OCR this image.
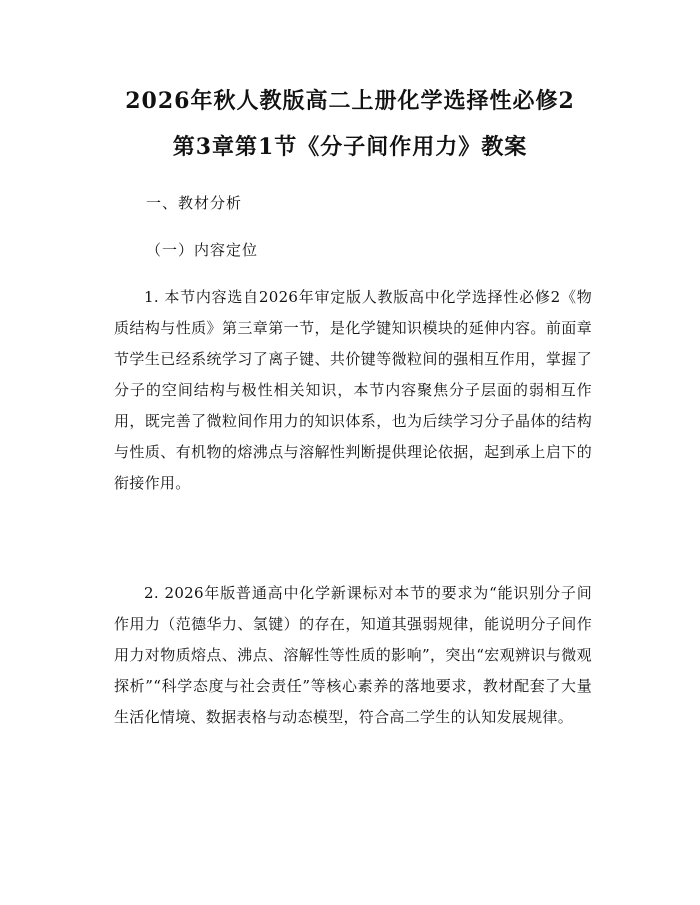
2026年秋人教版高二上册化学选择性必修2
第3章第1节《分子间作用力》教案
一、教材分析
（一）内容定位

1. 本节内容选自2026年审定版人教版高中化学选择性必修2《物质结构与性质》第三章第一节，是化学键知识模块的延伸内容。前面章节学生已经系统学习了离子键、共价键等微粒间的强相互作用，掌握了分子的空间结构与极性相关知识，本节内容聚焦分子层面的弱相互作用，既完善了微粒间作用力的知识体系，也为后续学习分子晶体的结构与性质、有机物的熔沸点与溶解性判断提供理论依据，起到承上启下的衔接作用。

2. 2026年版普通高中化学新课标对本节的要求为“能识别分子间作用力（范德华力、氢键）的存在，知道其强弱规律，能说明分子间作用力对物质熔点、沸点、溶解性等性质的影响”，突出“宏观辨识与微观探析”“科学态度与社会责任”等核心素养的落地要求，教材配套了大量生活化情境、数据表格与动态模型，符合高二学生的认知发展规律。
